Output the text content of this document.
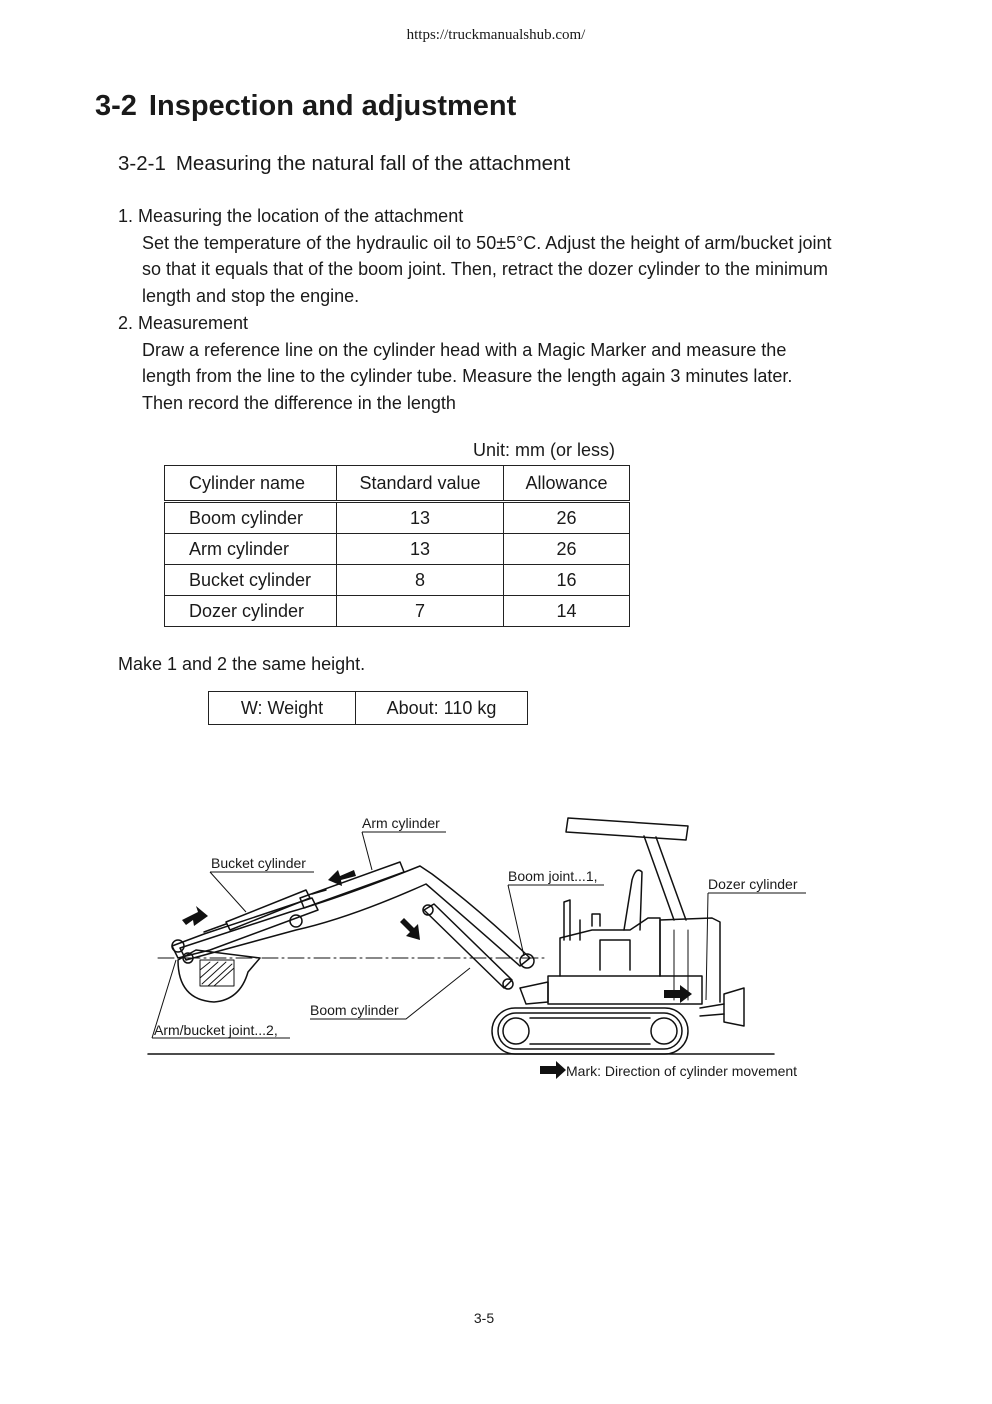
https://truckmanualshub.com/
3-2 Inspection and adjustment
3-2-1 Measuring the natural fall of the attachment
1. Measuring the location of the attachment
Set the temperature of the hydraulic oil to 50±5°C. Adjust the height of arm/bucket joint
so that it equals that of the boom joint. Then, retract the dozer cylinder to the minimum
length and stop the engine.
2. Measurement
Draw a reference line on the cylinder head with a Magic Marker and measure the
length from the line to the cylinder tube. Measure the length again 3 minutes later.
Then record the difference in the length
Unit: mm (or less)
Cylinder name	Standard value	Allowance
Boom cylinder	13	26
Arm cylinder	13	26
Bucket cylinder	8	16
Dozer cylinder	7	14
Make 1 and 2 the same height.
W: Weight	About: 110 kg
Arm cylinder
Bucket cylinder
Boom joint...1,	Dozer cylinder
Boom cylinder
Arm/bucket joint...2,
Mark: Direction of cylinder movement
3-5
